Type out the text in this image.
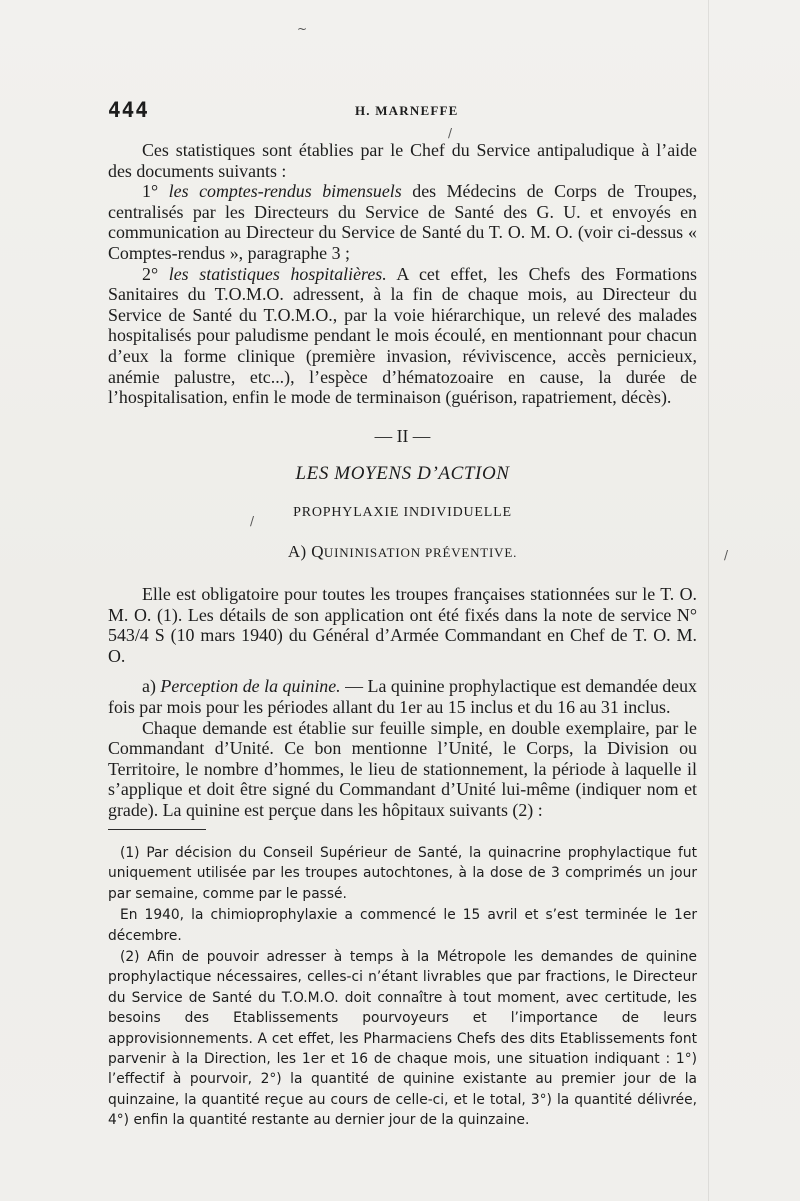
~
/
/
/
444	H. MARNEFFE

Ces statistiques sont établies par le Chef du Service antipaludique à l’aide des documents suivants :

1° les comptes-rendus bimensuels des Médecins de Corps de Troupes, centralisés par les Directeurs du Service de Santé des G. U. et envoyés en communication au Directeur du Service de Santé du T. O. M. O. (voir ci-dessus « Comptes-rendus », paragraphe 3 ;

2° les statistiques hospitalières. A cet effet, les Chefs des Formations Sanitaires du T.O.M.O. adressent, à la fin de chaque mois, au Directeur du Service de Santé du T.O.M.O., par la voie hiérarchique, un relevé des malades hospitalisés pour paludisme pendant le mois écoulé, en mentionnant pour chacun d’eux la forme clinique (première invasion, réviviscence, accès pernicieux, anémie palustre, etc...), l’espèce d’hématozoaire en cause, la durée de l’hospitalisation, enfin le mode de terminaison (guérison, rapatriement, décès).

— II —

LES MOYENS D’ACTION

PROPHYLAXIE INDIVIDUELLE

A) QUININISATION PRÉVENTIVE.

Elle est obligatoire pour toutes les troupes françaises stationnées sur le T. O. M. O. (1). Les détails de son application ont été fixés dans la note de service N° 543/4 S (10 mars 1940) du Général d’Armée Commandant en Chef de T. O. M. O.

a) Perception de la quinine. — La quinine prophylactique est demandée deux fois par mois pour les périodes allant du 1er au 15 inclus et du 16 au 31 inclus.

Chaque demande est établie sur feuille simple, en double exemplaire, par le Commandant d’Unité. Ce bon mentionne l’Unité, le Corps, la Division ou Territoire, le nombre d’hommes, le lieu de stationnement, la période à laquelle il s’applique et doit être signé du Commandant d’Unité lui-même (indiquer nom et grade). La quinine est perçue dans les hôpitaux suivants (2) :

(1) Par décision du Conseil Supérieur de Santé, la quinacrine prophylactique fut uniquement utilisée par les troupes autochtones, à la dose de 3 comprimés un jour par semaine, comme par le passé.

En 1940, la chimioprophylaxie a commencé le 15 avril et s’est terminée le 1er décembre.

(2) Afin de pouvoir adresser à temps à la Métropole les demandes de quinine prophylactique nécessaires, celles-ci n’étant livrables que par fractions, le Directeur du Service de Santé du T.O.M.O. doit connaître à tout moment, avec certitude, les besoins des Etablissements pourvoyeurs et l’importance de leurs approvisionnements. A cet effet, les Pharmaciens Chefs des dits Etablissements font parvenir à la Direction, les 1er et 16 de chaque mois, une situation indiquant : 1°) l’effectif à pourvoir, 2°) la quantité de quinine existante au premier jour de la quinzaine, la quantité reçue au cours de celle-ci, et le total, 3°) la quantité délivrée, 4°) enfin la quantité restante au dernier jour de la quinzaine.
